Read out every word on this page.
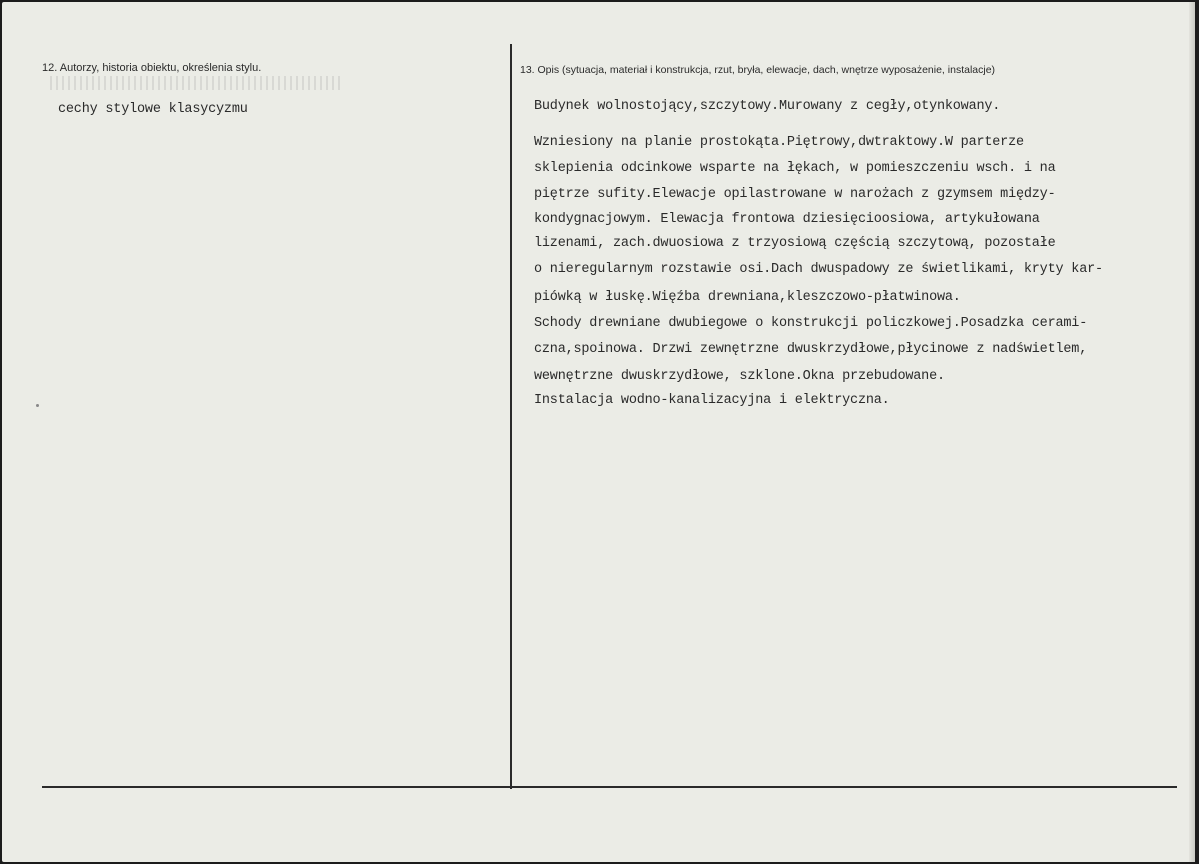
12. Autorzy, historia obiektu, określenia stylu.
cechy stylowe klasycyzmu
13. Opis (sytuacja, materiał i konstrukcja, rzut, bryła, elewacje, dach, wnętrze wyposażenie, instalacje)
Budynek wolnostojący,szczytowy.Murowany z cegły,otynkowany.
Wzniesiony na planie prostokąta.Piętrowy,dwtraktowy.W parterze
sklepienia odcinkowe wsparte na łękach, w pomieszczeniu wsch. i na
piętrze sufity.Elewacje opilastrowane w narożach z gzymsem między-
kondygnacjowym. Elewacja frontowa dziesięcioosiowa, artykułowana
lizenami, zach.dwuosiowa z trzyosiową częścią szczytową, pozostałe
o nieregularnym rozstawie osi.Dach dwuspadowy ze świetlikami, kryty kar-
piówką w łuskę.Więźba drewniana,kleszczowo-płatwinowa.
Schody drewniane dwubiegowe o konstrukcji policzkowej.Posadzka cerami-
czna,spoinowa. Drzwi zewnętrzne dwuskrzydłowe,płycinowe z nadświetlem,
wewnętrzne dwuskrzydłowe, szklone.Okna przebudowane.
Instalacja wodno-kanalizacyjna i elektryczna.
